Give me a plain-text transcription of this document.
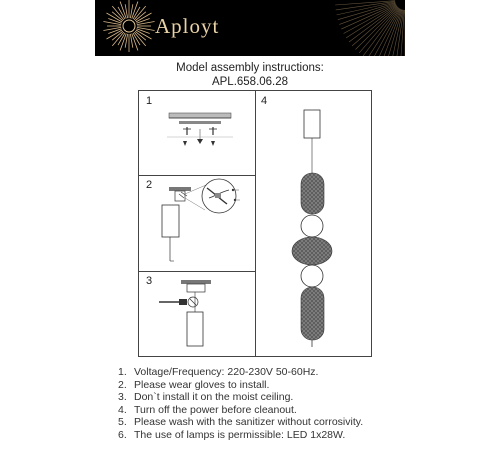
Aployt
Model assembly instructions:
APL.658.06.28
1
2
3
4
1. Voltage/Frequency: 220-230V 50-60Hz.
2. Please wear gloves to install.
3. Don`t install it on the moist ceiling.
4. Turn off the power before cleanout.
5. Please wash with the sanitizer without corrosivity.
6. The use of lamps is permissible: LED 1x28W.
